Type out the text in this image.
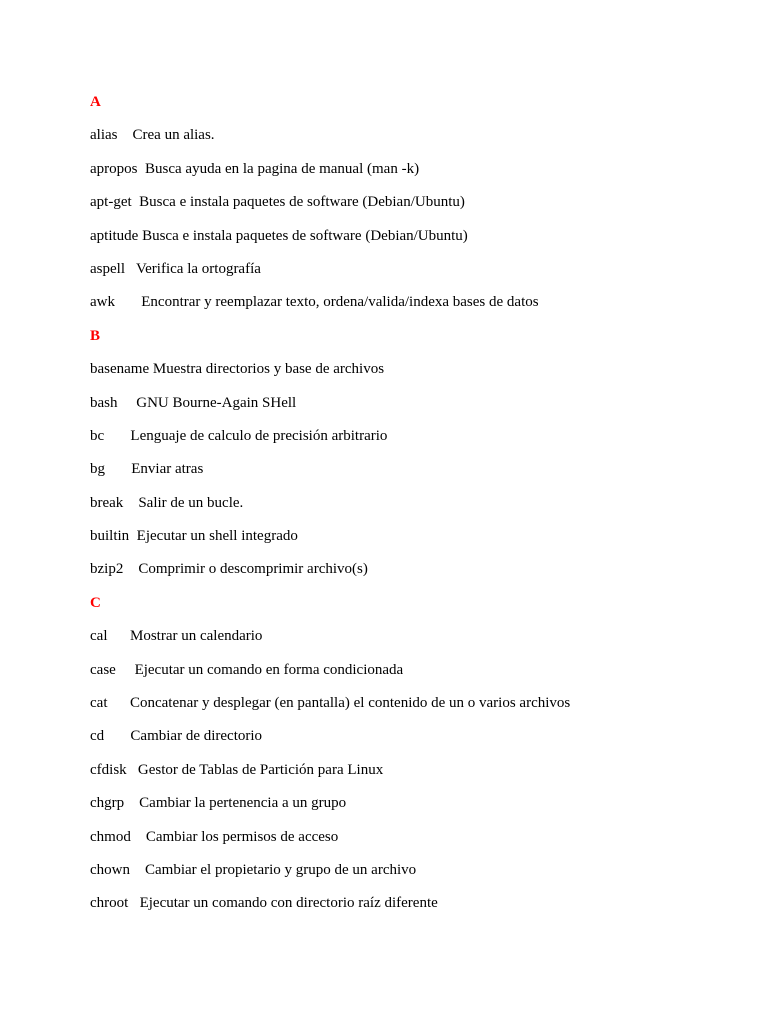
A
alias Crea un alias.
apropos Busca ayuda en la pagina de manual (man -k)
apt-get Busca e instala paquetes de software (Debian/Ubuntu)
aptitude Busca e instala paquetes de software (Debian/Ubuntu)
aspell Verifica la ortografía
awk Encontrar y reemplazar texto, ordena/valida/indexa bases de datos
B
basename Muestra directorios y base de archivos
bash GNU Bourne-Again SHell
bc Lenguaje de calculo de precisión arbitrario
bg Enviar atras
break Salir de un bucle.
builtin Ejecutar un shell integrado
bzip2 Comprimir o descomprimir archivo(s)
C
cal Mostrar un calendario
case Ejecutar un comando en forma condicionada
cat Concatenar y desplegar (en pantalla) el contenido de un o varios archivos
cd Cambiar de directorio
cfdisk Gestor de Tablas de Partición para Linux
chgrp Cambiar la pertenencia a un grupo
chmod Cambiar los permisos de acceso
chown Cambiar el propietario y grupo de un archivo
chroot Ejecutar un comando con directorio raíz diferente
